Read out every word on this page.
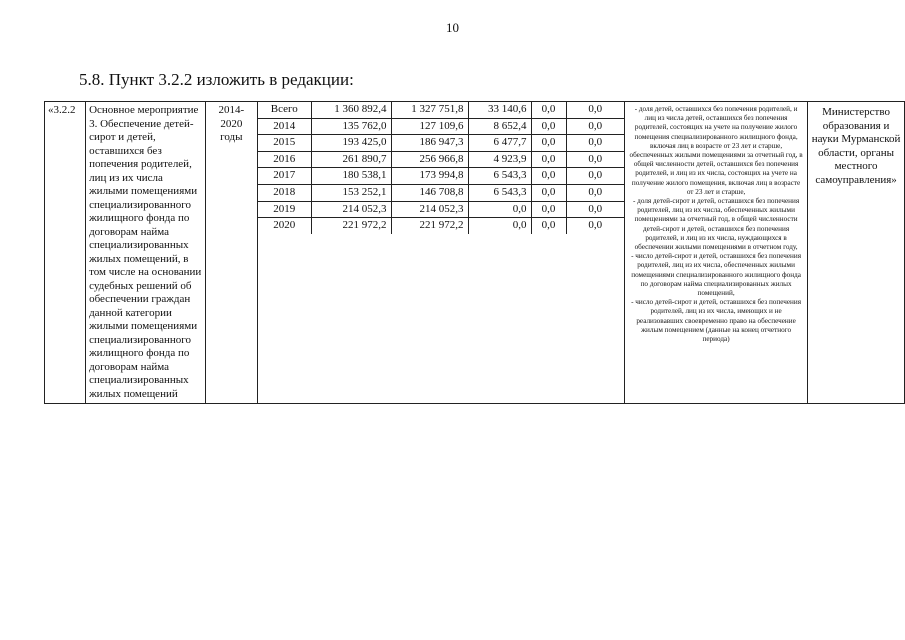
10
5.8. Пункт 3.2.2 изложить в редакции:
«3.2.2	Основное мероприятие 3. Обеспечение детей-сирот и детей, оставшихся без попечения родителей, лиц из их числа жилыми помещениями специализированного жилищного фонда по договорам найма специализированных жилых помещений, в том числе на основании судебных решений об обеспечении граждан данной категории жилыми помещениями специализированного жилищного фонда по договорам найма специализированных жилых помещений	2014-
2020
годы	
Всего	1 360 892,4	1 327 751,8	33 140,6	0,0	0,0
2014	135 762,0	127 109,6	8 652,4	0,0	0,0
2015	193 425,0	186 947,3	6 477,7	0,0	0,0
2016	261 890,7	256 966,8	4 923,9	0,0	0,0
2017	180 538,1	173 994,8	6 543,3	0,0	0,0
2018	153 252,1	146 708,8	6 543,3	0,0	0,0
2019	214 052,3	214 052,3	0,0	0,0	0,0
2020	221 972,2	221 972,2	0,0	0,0	0,0
	- доля детей, оставшихся без попечения родителей, и лиц из числа детей, оставшихся без попечения родителей, состоящих на учете на получение жилого помещения специализированного жилищного фонда, включая лиц в возрасте от 23 лет и старше, обеспеченных жилыми помещениями за отчетный год, в общей численности детей, оставшихся без попечения родителей, и лиц из их числа, состоящих на учете на получение жилого помещения, включая лиц в возрасте от 23 лет и старше,
- доля детей-сирот и детей, оставшихся без попечения родителей, лиц из их числа, обеспеченных жилыми помещениями за отчетный год, в общей численности детей-сирот и детей, оставшихся без попечения родителей, и лиц из их числа, нуждающихся в обеспечении жилыми помещениями в отчетном году,
- число детей-сирот и детей, оставшихся без попечения родителей, лиц из их числа, обеспеченных жилыми помещениями специализированного жилищного фонда по договорам найма специализированных жилых помещений,
- число детей-сирот и детей, оставшихся без попечения родителей, лиц из их числа, имеющих и не реализовавших своевременно право на обеспечение жилым помещением (данные на конец отчетного периода)	Министерство образования и науки Мурманской области, органы местного самоуправления»
